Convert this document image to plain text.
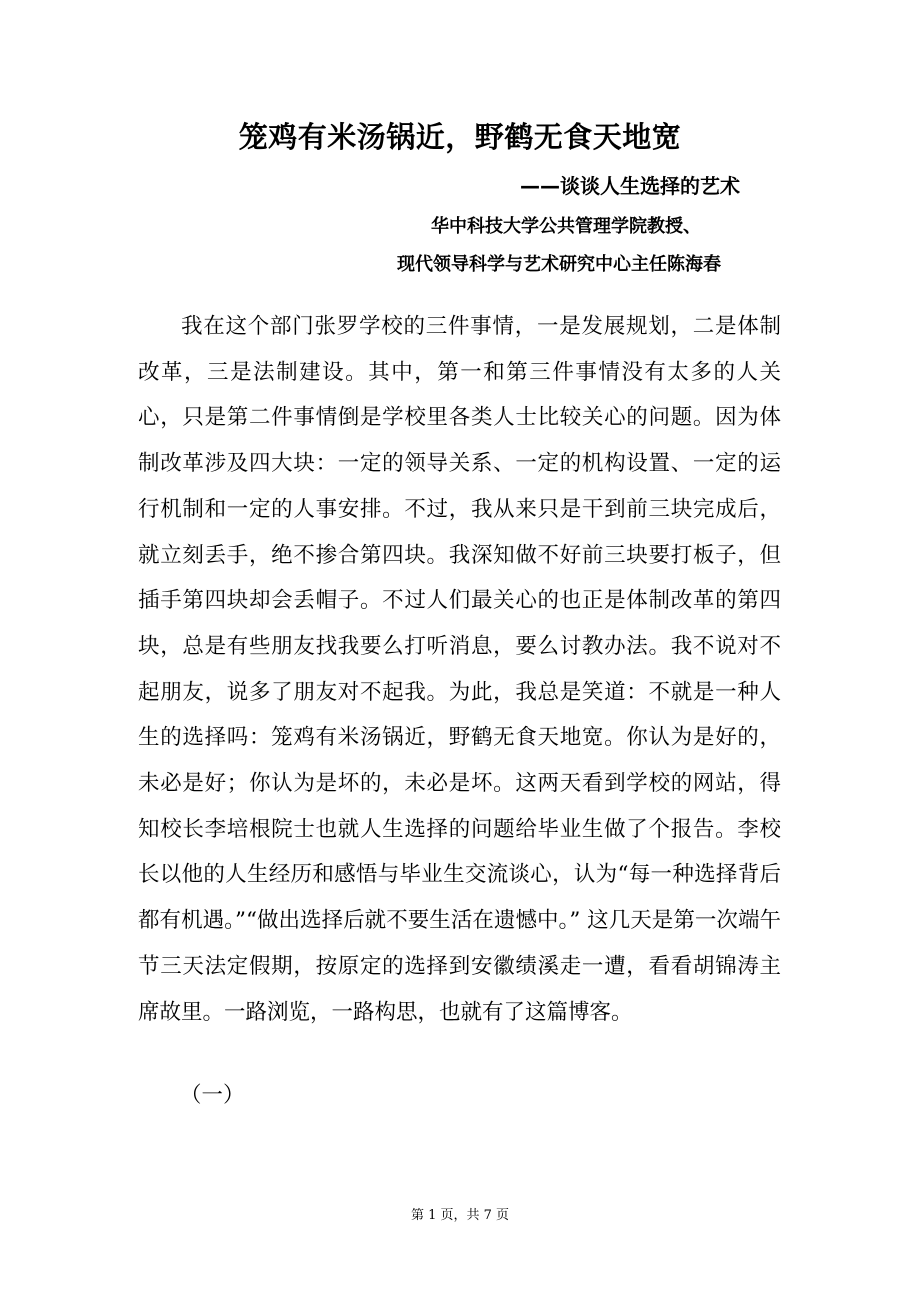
笼鸡有米汤锅近，野鹤无食天地宽
——谈谈人生选择的艺术
华中科技大学公共管理学院教授、
现代领导科学与艺术研究中心主任陈海春

我在这个部门张罗学校的三件事情，一是发展规划，二是体制改革，三是法制建设。其中，第一和第三件事情没有太多的人关心，只是第二件事情倒是学校里各类人士比较关心的问题。因为体制改革涉及四大块：一定的领导关系、一定的机构设置、一定的运行机制和一定的人事安排。不过，我从来只是干到前三块完成后，就立刻丢手，绝不掺合第四块。我深知做不好前三块要打板子，但插手第四块却会丢帽子。不过人们最关心的也正是体制改革的第四块，总是有些朋友找我要么打听消息，要么讨教办法。我不说对不起朋友，说多了朋友对不起我。为此，我总是笑道：不就是一种人生的选择吗：笼鸡有米汤锅近，野鹤无食天地宽。你认为是好的，未必是好；你认为是坏的，未必是坏。这两天看到学校的网站，得知校长李培根院士也就人生选择的问题给毕业生做了个报告。李校长以他的人生经历和感悟与毕业生交流谈心，认为“每一种选择背后都有机遇。”“做出选择后就不要生活在遗憾中。” 这几天是第一次端午节三天法定假期，按原定的选择到安徽绩溪走一遭，看看胡锦涛主席故里。一路浏览，一路构思，也就有了这篇博客。

（一）
第 1 页，共 7 页
